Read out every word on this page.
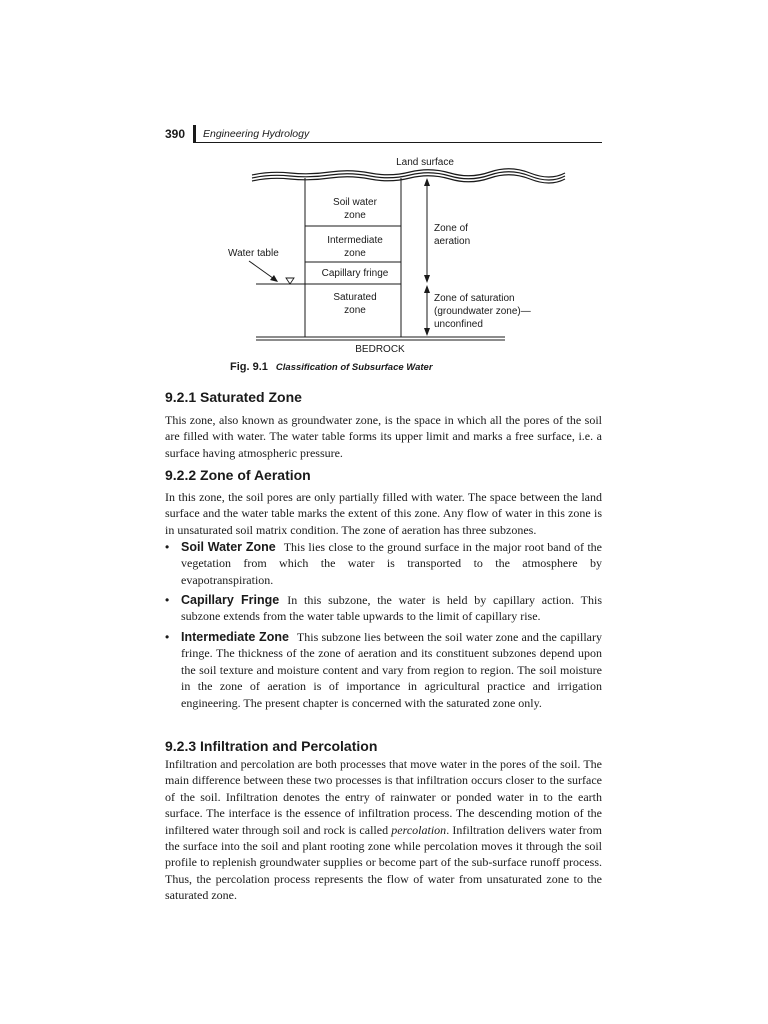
390 Engineering Hydrology
Land surface
Soil water
zone
Intermediate
zone
Capillary fringe
Water table
Saturated
zone
Zone of
aeration
Zone of saturation
(groundwater zone)—
unconfined
BEDROCK
Fig. 9.1 Classification of Subsurface Water
9.2.1 Saturated Zone
This zone, also known as groundwater zone, is the space in which all the pores of the soil are filled with water. The water table forms its upper limit and marks a free surface, i.e. a surface having atmospheric pressure.
9.2.2 Zone of Aeration
In this zone, the soil pores are only partially filled with water. The space between the land surface and the water table marks the extent of this zone. Any flow of water in this zone is in unsaturated soil matrix condition. The zone of aeration has three subzones.
• Soil Water Zone This lies close to the ground surface in the major root band of the vegetation from which the water is transported to the atmosphere by evapotranspiration.
• Capillary Fringe In this subzone, the water is held by capillary action. This subzone extends from the water table upwards to the limit of capillary rise.
• Intermediate Zone This subzone lies between the soil water zone and the capillary fringe. The thickness of the zone of aeration and its constituent subzones depend upon the soil texture and moisture content and vary from region to region. The soil moisture in the zone of aeration is of importance in agricultural practice and irrigation engineering. The present chapter is concerned with the saturated zone only.
9.2.3 Infiltration and Percolation
Infiltration and percolation are both processes that move water in the pores of the soil. The main difference between these two processes is that infiltration occurs closer to the surface of the soil. Infiltration denotes the entry of rainwater or ponded water in to the earth surface. The interface is the essence of infiltration process. The descending motion of the infiltered water through soil and rock is called percolation. Infiltration delivers water from the surface into the soil and plant rooting zone while percolation moves it through the soil profile to replenish groundwater supplies or become part of the sub-surface runoff process. Thus, the percolation process represents the flow of water from unsaturated zone to the saturated zone.
